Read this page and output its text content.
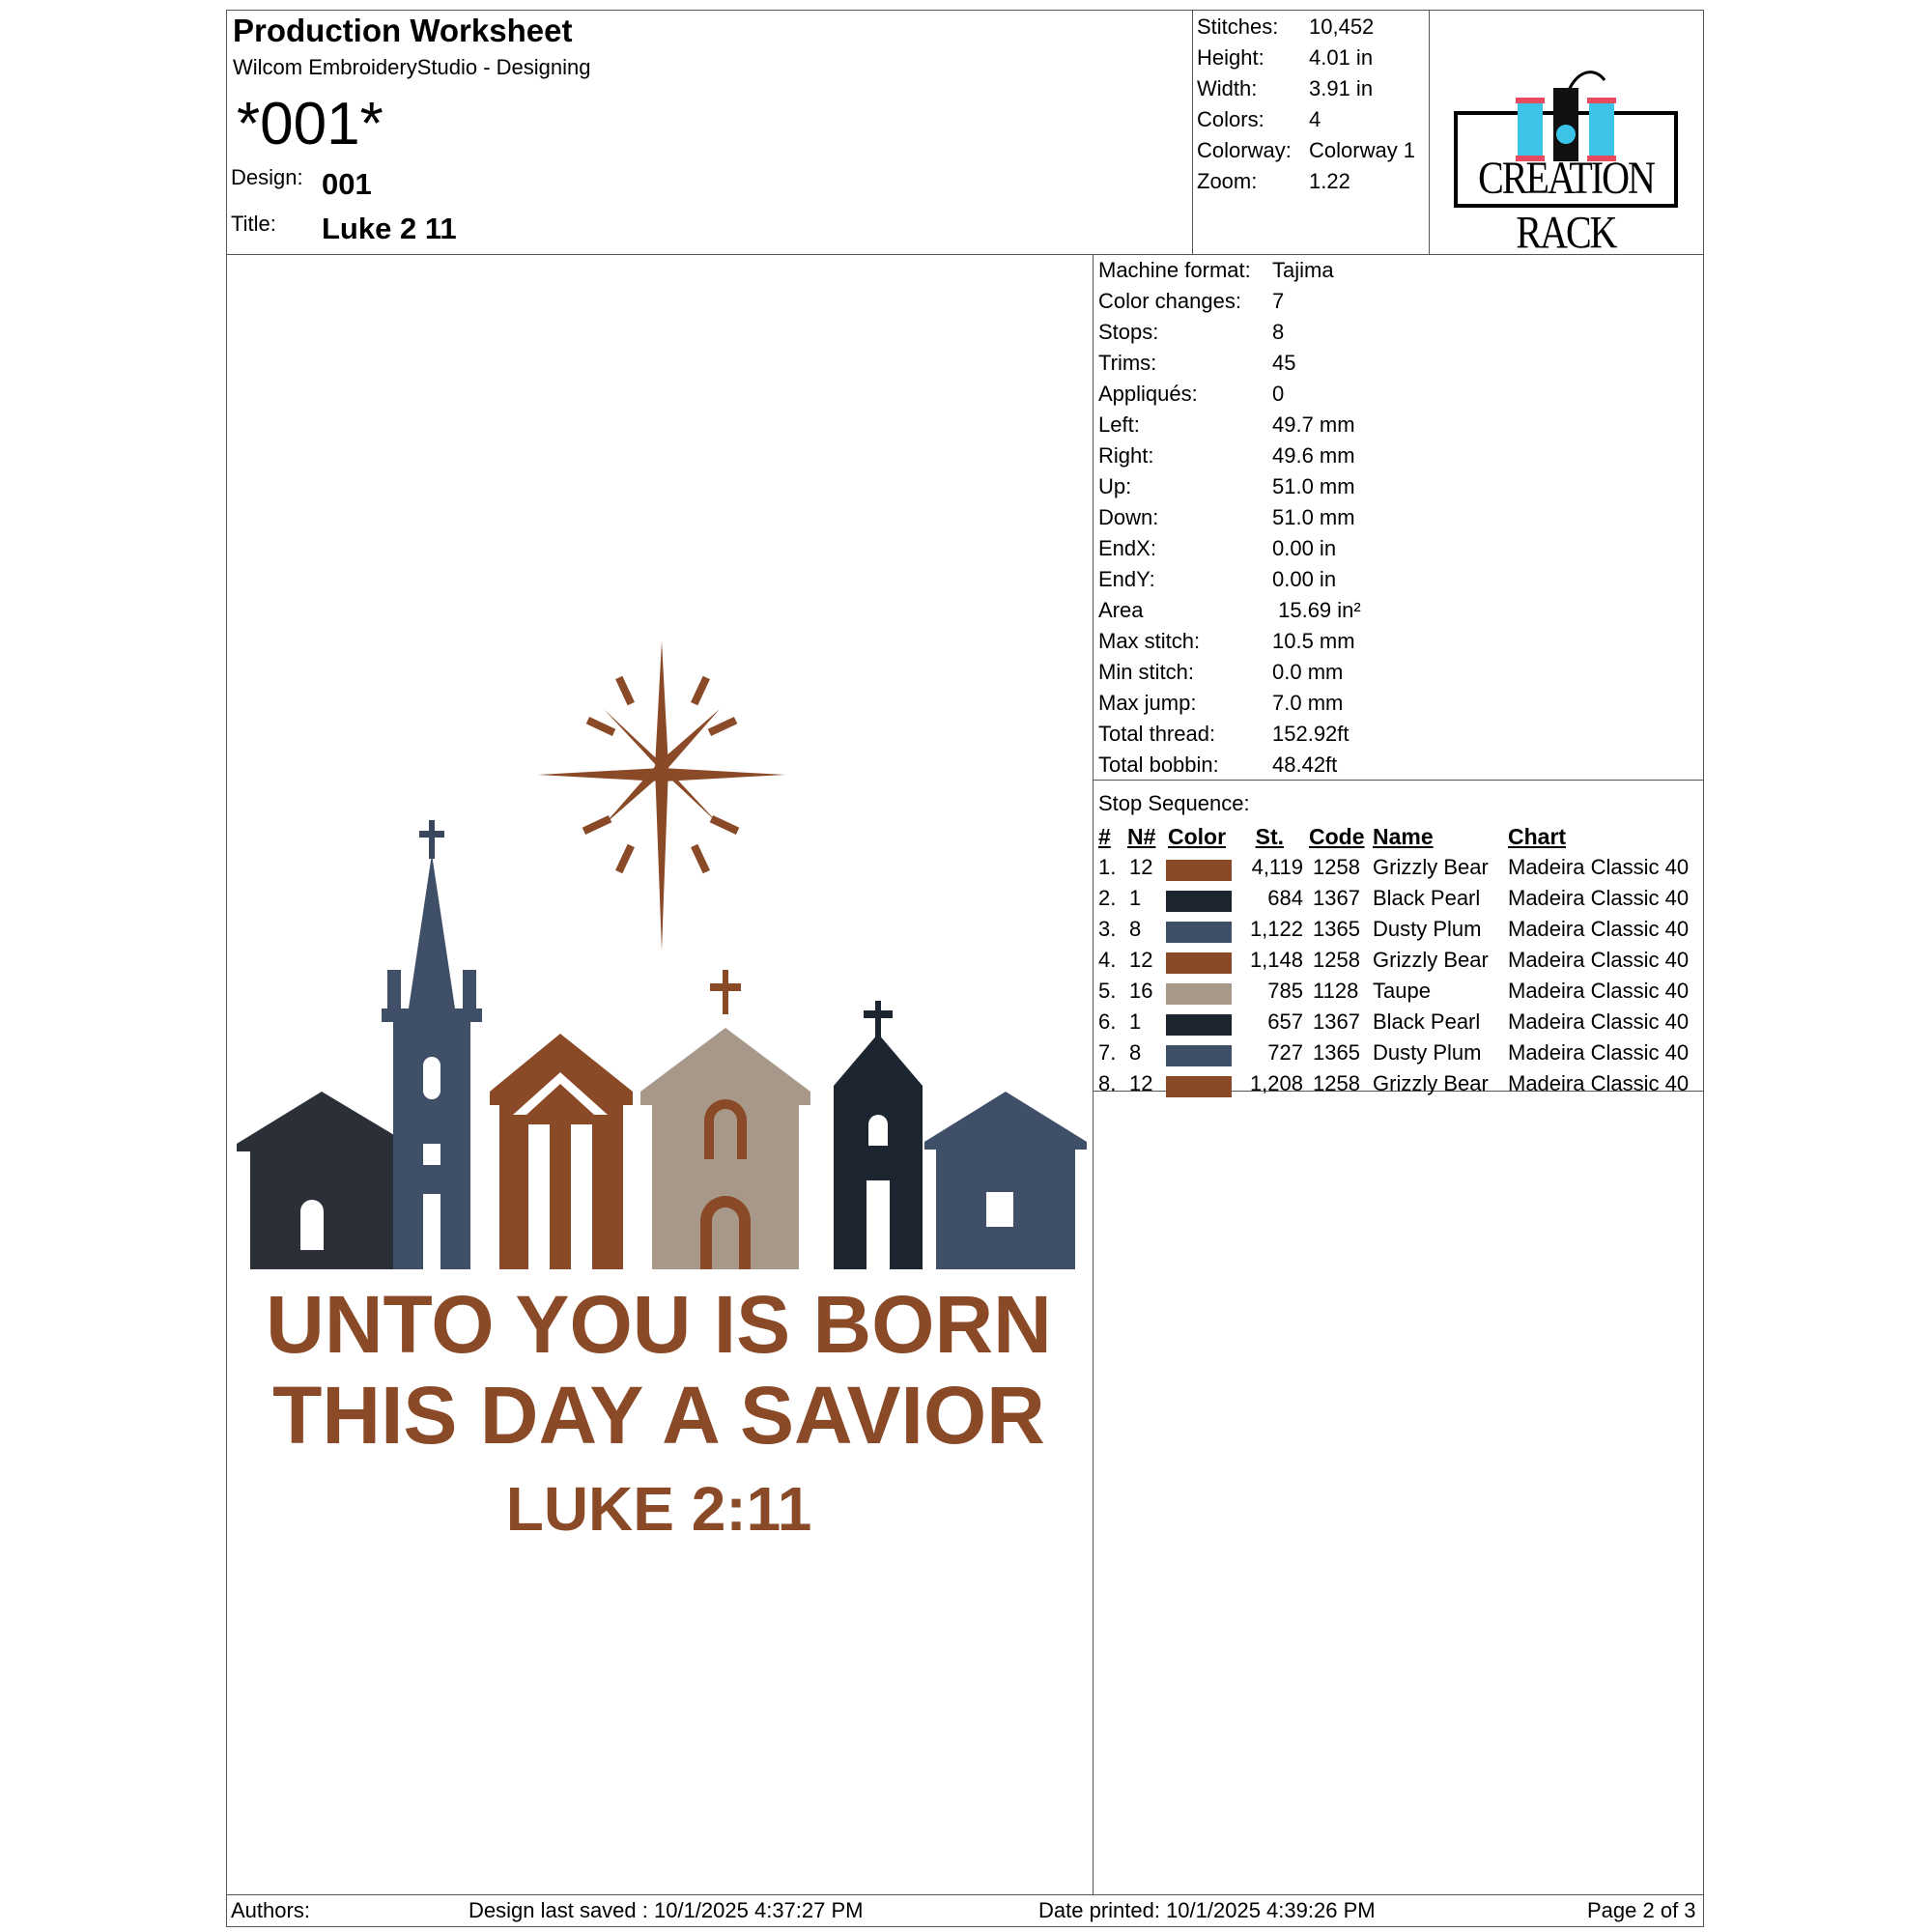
Production Worksheet
Wilcom EmbroideryStudio - Designing
*001*
Design: 001
Title: Luke 2 11
Stitches: 10,452
Height: 4.01 in
Width: 3.91 in
Colors: 4
Colorway: Colorway 1
Zoom: 1.22	CREATION RACK
Machine format: Tajima
Color changes: 7
Stops:	8
Trims:	45
Appliqués:	0
Left:	49.7 mm
Right:	49.6 mm
Up:	51.0 mm
Down:	51.0 mm
EndX:	0.00 in
EndY:	0.00 in
Area	15.69 in²
Max stitch:	10.5 mm
Min stitch:	0.0 mm
Max jump:	7.0 mm
Total thread:	152.92ft
Total bobbin:	48.42ft
Stop Sequence:
# N# Color	St. Code Name	Chart
1. 12	4,119 1258 Grizzly Bear Madeira Classic 40
2. 1	684 1367 Black Pearl Madeira Classic 40
3. 8	1,122 1365 Dusty Plum Madeira Classic 40
4. 12	1,148 1258 Grizzly Bear Madeira Classic 40
5. 16	785 1128 Taupe	Madeira Classic 40
6. 1	657 1367 Black Pearl Madeira Classic 40
7. 8	727 1365 Dusty Plum Madeira Classic 40
8. 12	1,208 1258 Grizzly Bear Madeira Classic 40
UNTO YOU IS BORN
THIS DAY A SAVIOR
LUKE 2:11
Authors:	Design last saved : 10/1/2025 4:37:27 PM	Date printed: 10/1/2025 4:39:26 PM	Page 2 of 3
